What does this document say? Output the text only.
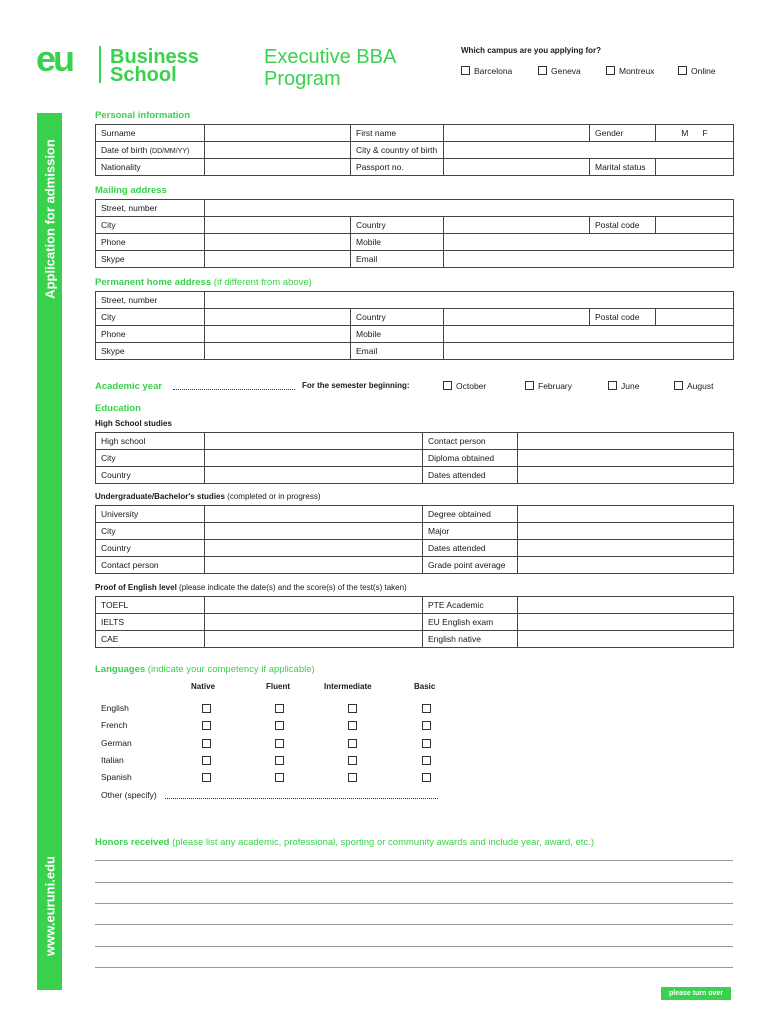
Application for admission
www.euruni.edu
eu Business
School
Executive BBA
Program
Which campus are you applying for?
Barcelona	Geneva	Montreux	Online
Personal information
Surname		First name		Gender	M F
Date of birth (DD/MM/YY)		City & country of birth			
Nationality		Passport no.		Marital status	
Mailing address
Street, number					
City		Country		Postal code	
Phone		Mobile			
Skype		Email			
Permanent home address (if different from above)
Street, number					
City		Country		Postal code	
Phone		Mobile			
Skype		Email			
Academic year	For the semester beginning:	October	February	June	August
Education
High School studies
High school		Contact person	
City		Diploma obtained	
Country		Dates attended	
Undergraduate/Bachelor's studies (completed or in progress)
University		Degree obtained	
City		Major	
Country		Dates attended	
Contact person		Grade point average	
Proof of English level (please indicate the date(s) and the score(s) of the test(s) taken)
TOEFL		PTE Academic	
IELTS		EU English exam	
CAE		English native	
Languages (indicate your competency if applicable)
Native	Fluent	Intermediate	Basic
English
French
German
Italian
Spanish
Other (specify)
Honors received (please list any academic, professional, sporting or community awards and include year, award, etc.)
please turn over
